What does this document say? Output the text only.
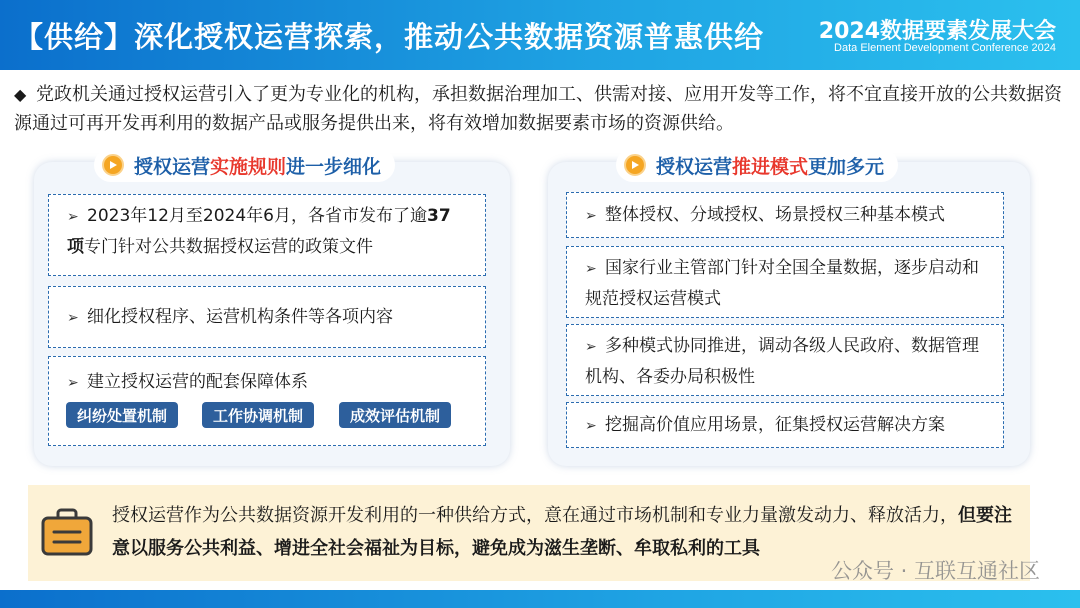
【供给】深化授权运营探索，推动公共数据资源普惠供给 2024数据要素发展大会
Data Element Development Conference 2024
◆ 党政机关通过授权运营引入了更为专业化的机构，承担数据治理加工、供需对接、应用开发等工作，将不宜直接开放的公共数据资源通过可再开发再利用的数据产品或服务提供出来，将有效增加数据要素市场的资源供给。
授权运营 实施规则 进一步细化
➢ 2023年12月至2024年6月，各省市发布了逾37
项专门针对公共数据授权运营的政策文件
➢ 细化授权程序、运营机构条件等各项内容
➢ 建立授权运营的配套保障体系
纠纷处置机制	工作协调机制	成效评估机制
授权运营 推进模式 更加多元
➢ 整体授权、分域授权、场景授权三种基本模式
➢ 国家行业主管部门针对全国全量数据，逐步启动和规范授权运营模式
➢ 多种模式协同推进，调动各级人民政府、数据管理机构、各委办局积极性
➢ 挖掘高价值应用场景，征集授权运营解决方案
授权运营作为公共数据资源开发利用的一种供给方式，意在通过市场机制和专业力量激发动力、释放活力，但要注意以服务公共利益、增进全社会福祉为目标，避免成为滋生垄断、牟取私利的工具
公众号 · 互联互通社区
